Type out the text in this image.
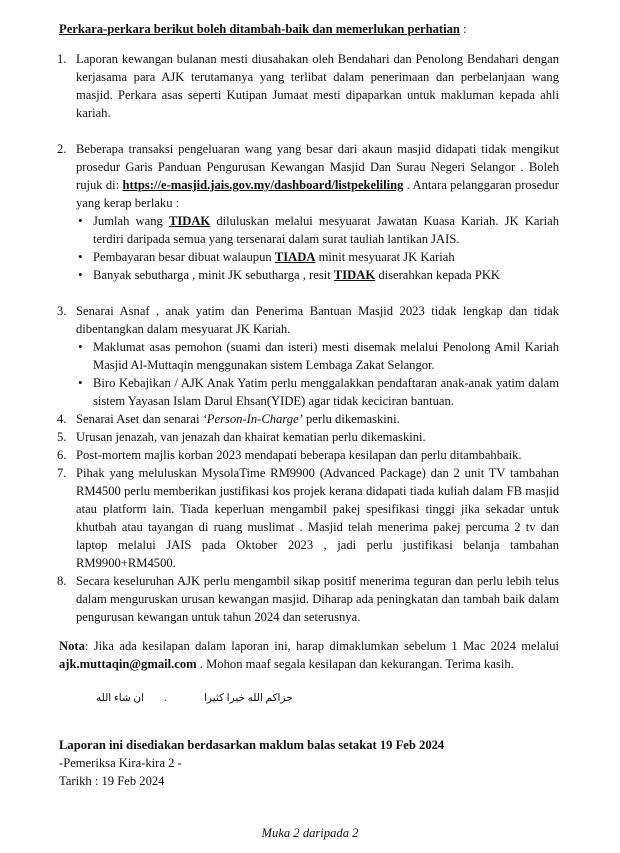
Perkara-perkara berikut boleh ditambah-baik dan memerlukan perhatian :
1. Laporan kewangan bulanan mesti diusahakan oleh Bendahari dan Penolong Bendahari dengan kerjasama para AJK terutamanya yang terlibat dalam penerimaan dan perbelanjaan wang masjid. Perkara asas seperti Kutipan Jumaat mesti dipaparkan untuk makluman kepada ahli kariah.
2. Beberapa transaksi pengeluaran wang yang besar dari akaun masjid didapati tidak mengikut prosedur Garis Panduan Pengurusan Kewangan Masjid Dan Surau Negeri Selangor . Boleh rujuk di: https://e-masjid.jais.gov.my/dashboard/listpekeliling . Antara pelanggaran prosedur yang kerap berlaku :
• Jumlah wang TIDAK diluluskan melalui mesyuarat Jawatan Kuasa Kariah. JK Kariah terdiri daripada semua yang tersenarai dalam surat tauliah lantikan JAIS.
• Pembayaran besar dibuat walaupun TIADA minit mesyuarat JK Kariah
• Banyak sebutharga , minit JK sebutharga , resit TIDAK diserahkan kepada PKK
3. Senarai Asnaf , anak yatim dan Penerima Bantuan Masjid 2023 tidak lengkap dan tidak dibentangkan dalam mesyuarat JK Kariah.
• Maklumat asas pemohon (suami dan isteri) mesti disemak melalui Penolong Amil Kariah Masjid Al-Muttaqin menggunakan sistem Lembaga Zakat Selangor.
• Biro Kebajikan / AJK Anak Yatim perlu menggalakkan pendaftaran anak-anak yatim dalam sistem Yayasan Islam Darul Ehsan(YIDE) agar tidak keciciran bantuan.
4. Senarai Aset dan senarai ‘Person-In-Charge’ perlu dikemaskini.
5. Urusan jenazah, van jenazah dan khairat kematian perlu dikemaskini.
6. Post-mortem majlis korban 2023 mendapati beberapa kesilapan dan perlu ditambahbaik.
7. Pihak yang meluluskan MysolaTime RM9900 (Advanced Package) dan 2 unit TV tambahan RM4500 perlu memberikan justifikasi kos projek kerana didapati tiada kuliah dalam FB masjid atau platform lain. Tiada keperluan mengambil pakej spesifikasi tinggi jika sekadar untuk khutbah atau tayangan di ruang muslimat . Masjid telah menerima pakej percuma 2 tv dan laptop melalui JAIS pada Oktober 2023 , jadi perlu justifikasi belanja tambahan RM9900+RM4500.
8. Secara keseluruhan AJK perlu mengambil sikap positif menerima teguran dan perlu lebih telus dalam menguruskan urusan kewangan masjid. Diharap ada peningkatan dan tambah baik dalam pengurusan kewangan untuk tahun 2024 dan seterusnya.
Nota: Jika ada kesilapan dalam laporan ini, harap dimaklumkan sebelum 1 Mac 2024 melalui ajk.muttaqin@gmail.com . Mohon maaf segala kesilapan dan kekurangan. Terima kasih.
ان شاء الله .	جزاكم الله خيرا كثيرا
Laporan ini disediakan berdasarkan maklum balas setakat 19 Feb 2024
-Pemeriksa Kira-kira 2 -
Tarikh : 19 Feb 2024
Muka 2 daripada 2
